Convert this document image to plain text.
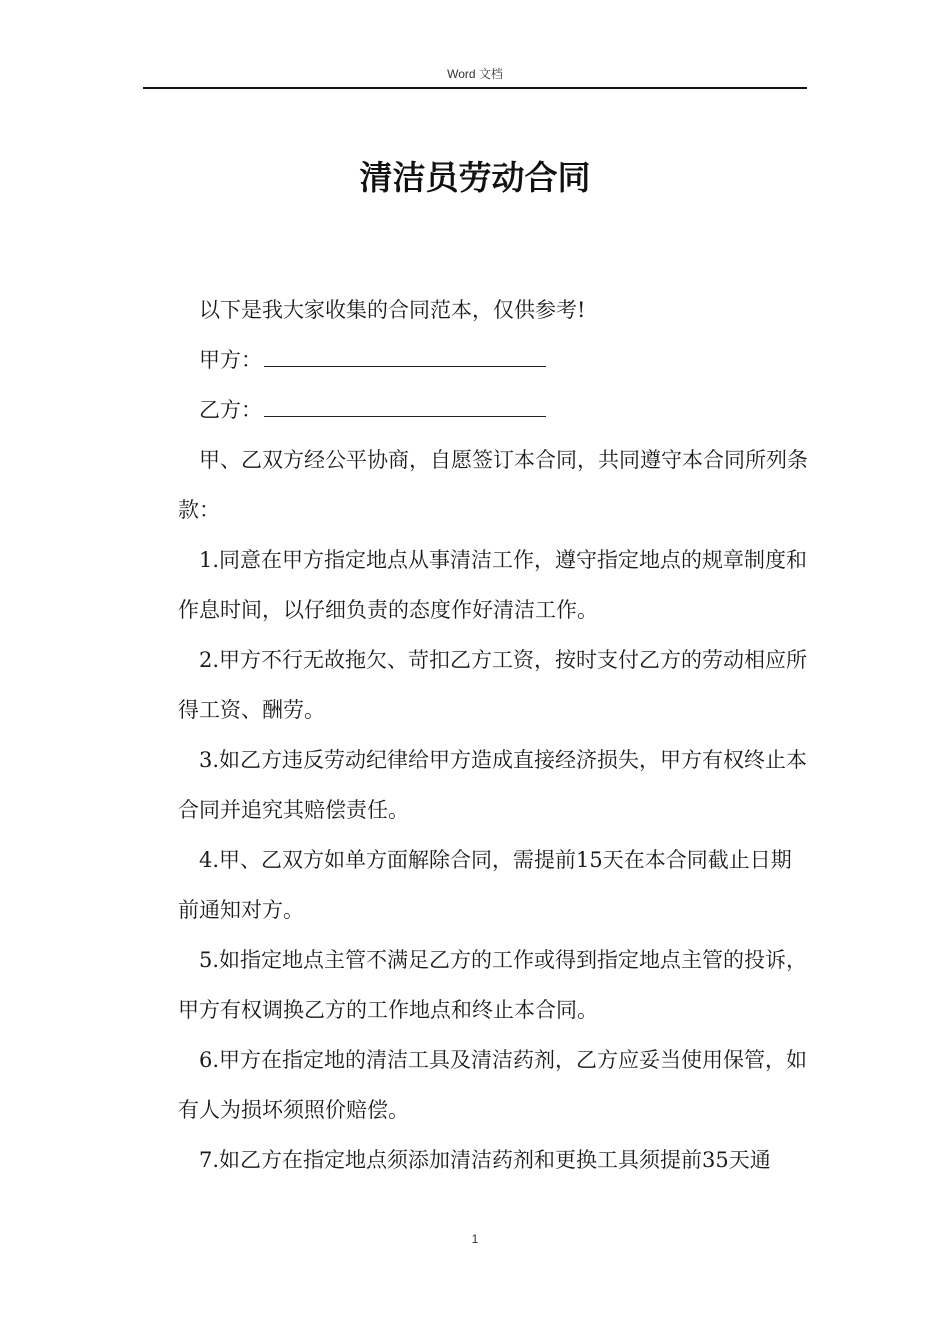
Word 文档
清洁员劳动合同

以下是我大家收集的合同范本，仅供参考!

甲方：

乙方：

甲、乙双方经公平协商，自愿签订本合同，共同遵守本合同所列条款：

1.同意在甲方指定地点从事清洁工作，遵守指定地点的规章制度和作息时间，以仔细负责的态度作好清洁工作。

2.甲方不行无故拖欠、苛扣乙方工资，按时支付乙方的劳动相应所得工资、酬劳。

3.如乙方违反劳动纪律给甲方造成直接经济损失，甲方有权终止本合同并追究其赔偿责任。

4.甲、乙双方如单方面解除合同，需提前15天在本合同截止日期前通知对方。

5.如指定地点主管不满足乙方的工作或得到指定地点主管的投诉，甲方有权调换乙方的工作地点和终止本合同。

6.甲方在指定地的清洁工具及清洁药剂，乙方应妥当使用保管，如有人为损坏须照价赔偿。

7.如乙方在指定地点须添加清洁药剂和更换工具须提前35天通

1
